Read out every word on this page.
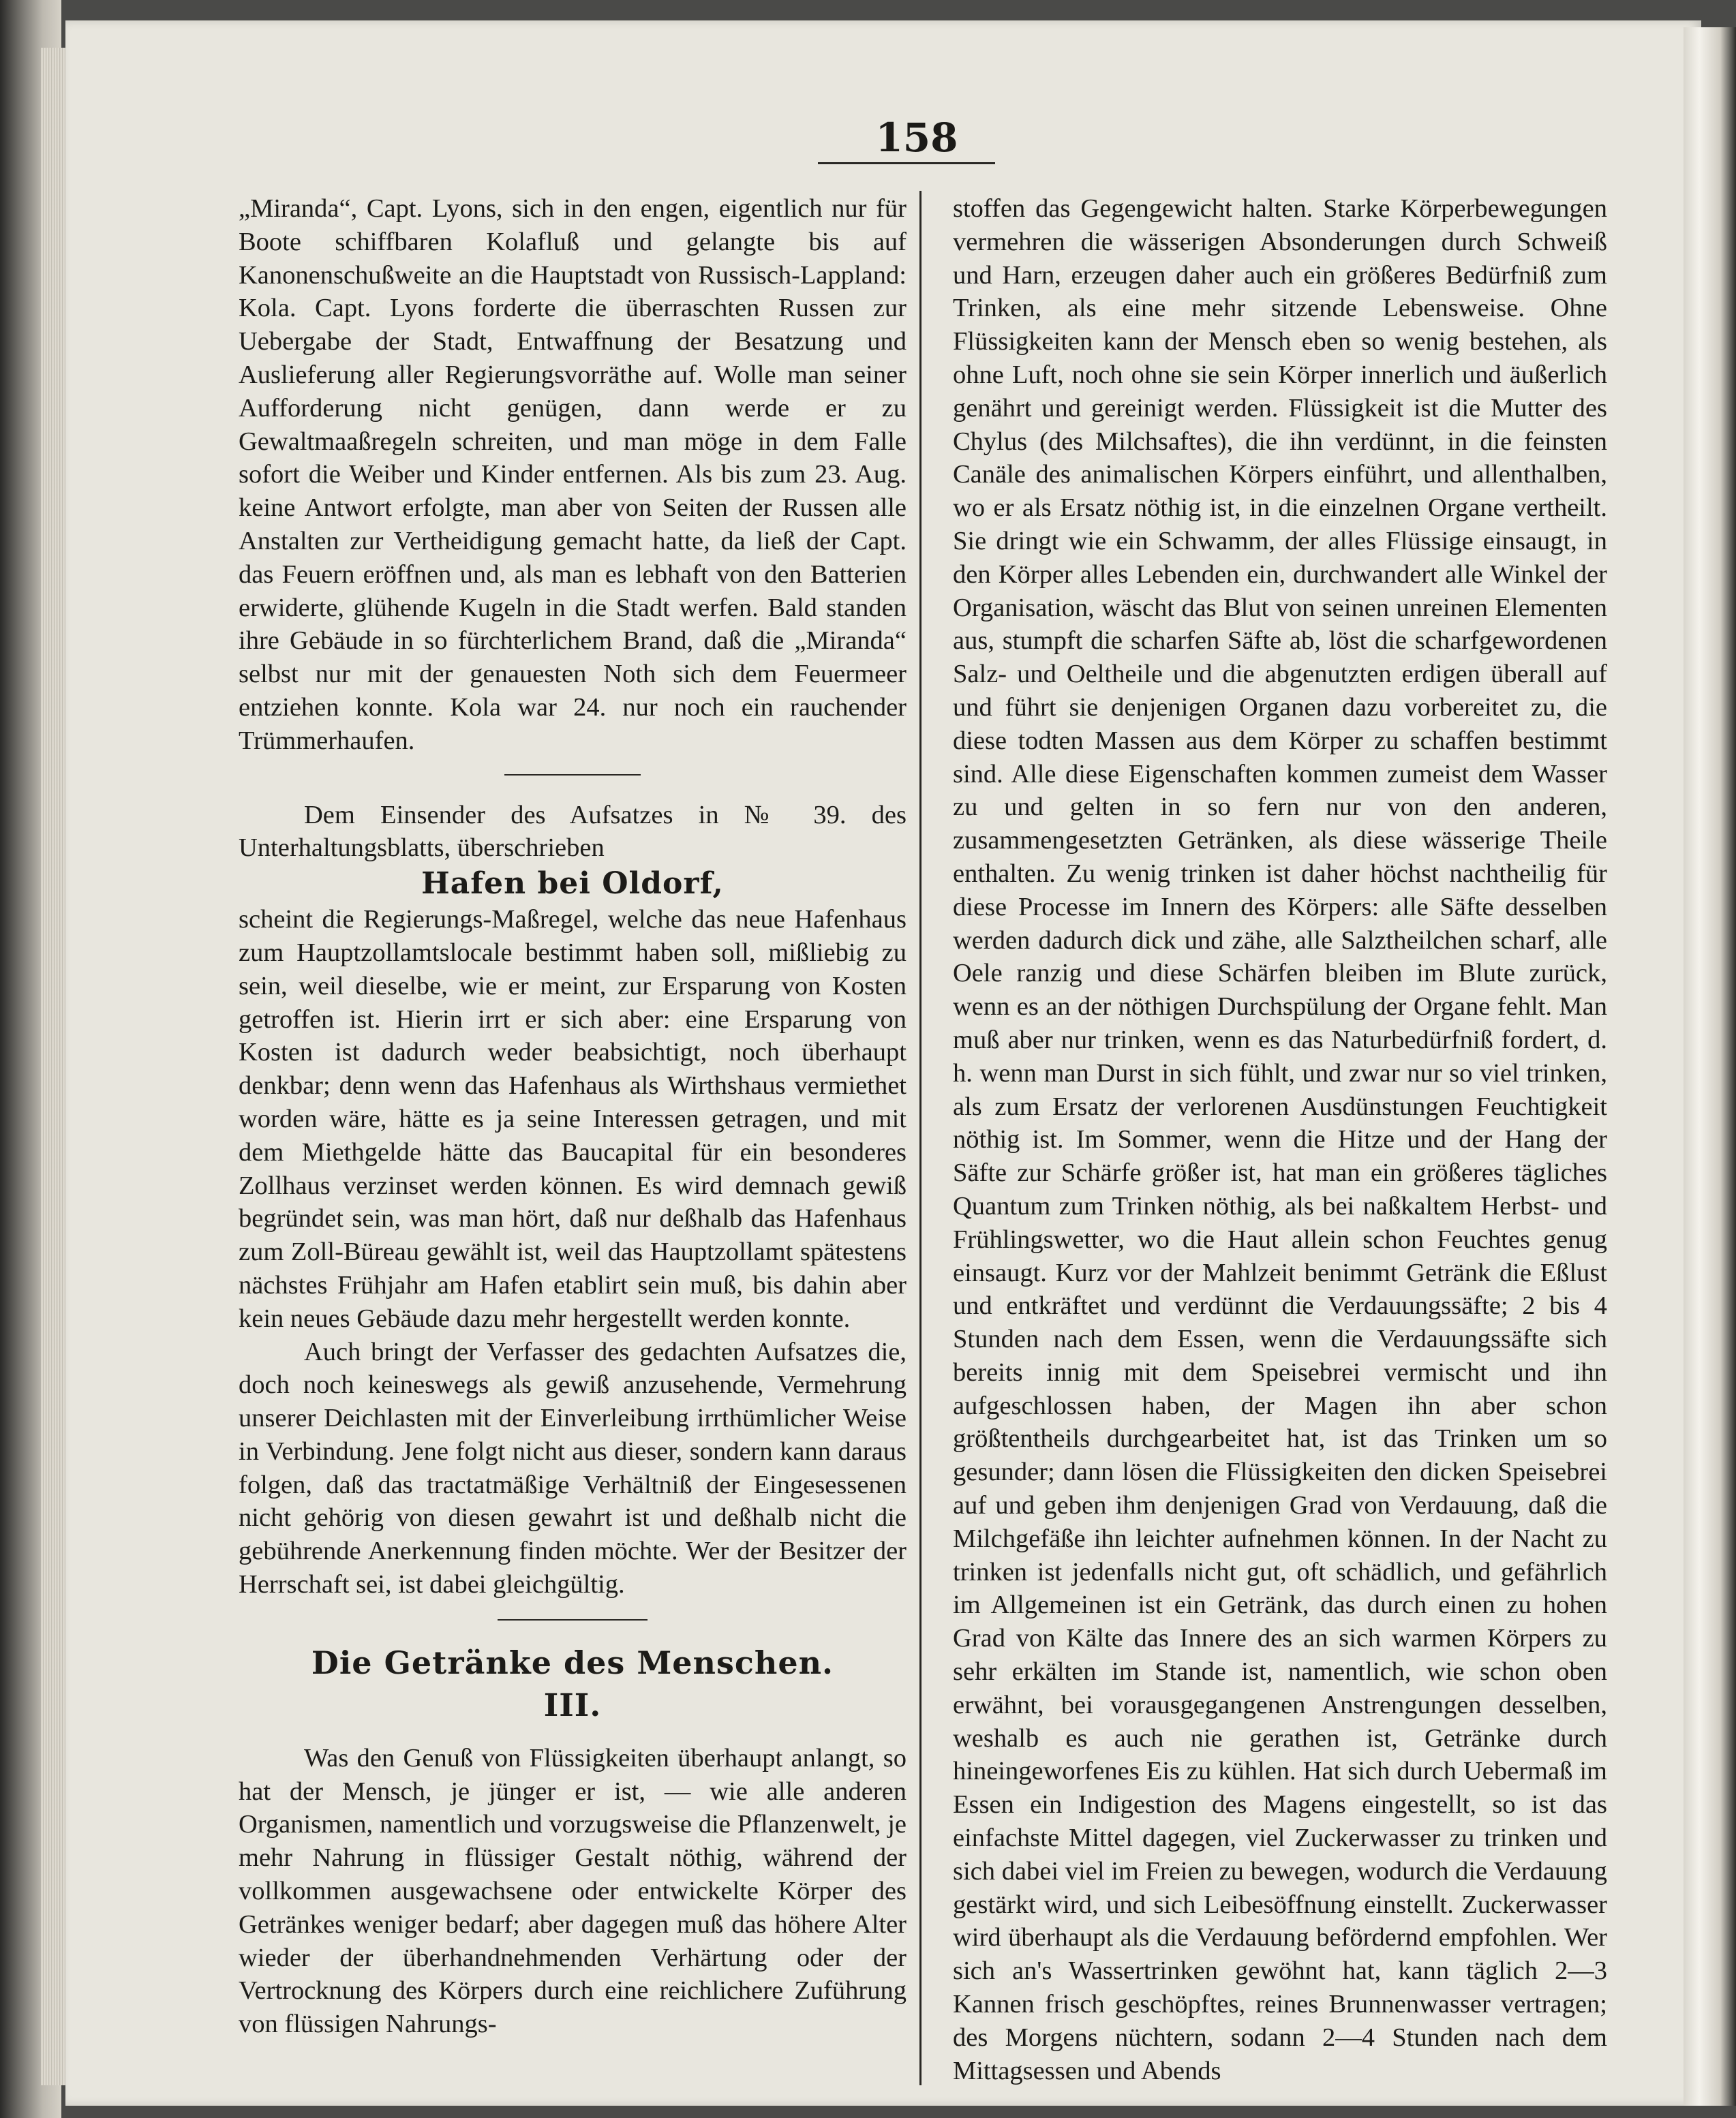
158

„Miranda“, Capt. Lyons, sich in den engen, eigentlich nur für Boote schiffbaren Kolafluß und gelangte bis auf Kanonenschußweite an die Hauptstadt von Russisch-Lappland: Kola. Capt. Lyons forderte die überraschten Russen zur Uebergabe der Stadt, Entwaffnung der Besatzung und Auslieferung aller Regierungsvorräthe auf. Wolle man seiner Aufforderung nicht genügen, dann werde er zu Gewaltmaaßregeln schreiten, und man möge in dem Falle sofort die Weiber und Kinder entfernen. Als bis zum 23. Aug. keine Antwort erfolgte, man aber von Seiten der Russen alle Anstalten zur Vertheidigung gemacht hatte, da ließ der Capt. das Feuern eröffnen und, als man es lebhaft von den Batterien erwiderte, glühende Kugeln in die Stadt werfen. Bald standen ihre Gebäude in so fürchterlichem Brand, daß die „Miranda“ selbst nur mit der genauesten Noth sich dem Feuermeer entziehen konnte. Kola war 24. nur noch ein rauchender Trümmerhaufen.

Dem Einsender des Aufsatzes in № 39. des Unterhaltungsblatts, überschrieben

Hafen bei Oldorf,

scheint die Regierungs-Maßregel, welche das neue Hafenhaus zum Hauptzollamtslocale bestimmt haben soll, mißliebig zu sein, weil dieselbe, wie er meint, zur Ersparung von Kosten getroffen ist. Hierin irrt er sich aber: eine Ersparung von Kosten ist dadurch weder beabsichtigt, noch überhaupt denkbar; denn wenn das Hafenhaus als Wirthshaus vermiethet worden wäre, hätte es ja seine Interessen getragen, und mit dem Miethgelde hätte das Baucapital für ein besonderes Zollhaus verzinset werden können. Es wird demnach gewiß begründet sein, was man hört, daß nur deßhalb das Hafenhaus zum Zoll-Büreau gewählt ist, weil das Hauptzollamt spätestens nächstes Frühjahr am Hafen etablirt sein muß, bis dahin aber kein neues Gebäude dazu mehr hergestellt werden konnte.

Auch bringt der Verfasser des gedachten Aufsatzes die, doch noch keineswegs als gewiß anzusehende, Vermehrung unserer Deichlasten mit der Einverleibung irrthümlicher Weise in Verbindung. Jene folgt nicht aus dieser, sondern kann daraus folgen, daß das tractatmäßige Verhältniß der Eingesessenen nicht gehörig von diesen gewahrt ist und deßhalb nicht die gebührende Anerkennung finden möchte. Wer der Besitzer der Herrschaft sei, ist dabei gleichgültig.

Die Getränke des Menschen.
III.

Was den Genuß von Flüssigkeiten überhaupt anlangt, so hat der Mensch, je jünger er ist, — wie alle anderen Organismen, namentlich und vorzugsweise die Pflanzenwelt, je mehr Nahrung in flüssiger Gestalt nöthig, während der vollkommen ausgewachsene oder entwickelte Körper des Getränkes weniger bedarf; aber dagegen muß das höhere Alter wieder der überhandnehmenden Verhärtung oder der Vertrocknung des Körpers durch eine reichlichere Zuführung von flüssigen Nahrungs-

stoffen das Gegengewicht halten. Starke Körperbewegungen vermehren die wässerigen Absonderungen durch Schweiß und Harn, erzeugen daher auch ein größeres Bedürfniß zum Trinken, als eine mehr sitzende Lebensweise. Ohne Flüssigkeiten kann der Mensch eben so wenig bestehen, als ohne Luft, noch ohne sie sein Körper innerlich und äußerlich genährt und gereinigt werden. Flüssigkeit ist die Mutter des Chylus (des Milchsaftes), die ihn verdünnt, in die feinsten Canäle des animalischen Körpers einführt, und allenthalben, wo er als Ersatz nöthig ist, in die einzelnen Organe vertheilt. Sie dringt wie ein Schwamm, der alles Flüssige einsaugt, in den Körper alles Lebenden ein, durchwandert alle Winkel der Organisation, wäscht das Blut von seinen unreinen Elementen aus, stumpft die scharfen Säfte ab, löst die scharfgewordenen Salz- und Oeltheile und die abgenutzten erdigen überall auf und führt sie denjenigen Organen dazu vorbereitet zu, die diese todten Massen aus dem Körper zu schaffen bestimmt sind. Alle diese Eigenschaften kommen zumeist dem Wasser zu und gelten in so fern nur von den anderen, zusammengesetzten Getränken, als diese wässerige Theile enthalten. Zu wenig trinken ist daher höchst nachtheilig für diese Processe im Innern des Körpers: alle Säfte desselben werden dadurch dick und zähe, alle Salztheilchen scharf, alle Oele ranzig und diese Schärfen bleiben im Blute zurück, wenn es an der nöthigen Durchspülung der Organe fehlt. Man muß aber nur trinken, wenn es das Naturbedürfniß fordert, d. h. wenn man Durst in sich fühlt, und zwar nur so viel trinken, als zum Ersatz der verlorenen Ausdünstungen Feuchtigkeit nöthig ist. Im Sommer, wenn die Hitze und der Hang der Säfte zur Schärfe größer ist, hat man ein größeres tägliches Quantum zum Trinken nöthig, als bei naßkaltem Herbst- und Frühlingswetter, wo die Haut allein schon Feuchtes genug einsaugt. Kurz vor der Mahlzeit benimmt Getränk die Eßlust und entkräftet und verdünnt die Verdauungssäfte; 2 bis 4 Stunden nach dem Essen, wenn die Verdauungssäfte sich bereits innig mit dem Speisebrei vermischt und ihn aufgeschlossen haben, der Magen ihn aber schon größtentheils durchgearbeitet hat, ist das Trinken um so gesunder; dann lösen die Flüssigkeiten den dicken Speisebrei auf und geben ihm denjenigen Grad von Verdauung, daß die Milchgefäße ihn leichter aufnehmen können. In der Nacht zu trinken ist jedenfalls nicht gut, oft schädlich, und gefährlich im Allgemeinen ist ein Getränk, das durch einen zu hohen Grad von Kälte das Innere des an sich warmen Körpers zu sehr erkälten im Stande ist, namentlich, wie schon oben erwähnt, bei vorausgegangenen Anstrengungen desselben, weshalb es auch nie gerathen ist, Getränke durch hineingeworfenes Eis zu kühlen. Hat sich durch Uebermaß im Essen ein Indigestion des Magens eingestellt, so ist das einfachste Mittel dagegen, viel Zuckerwasser zu trinken und sich dabei viel im Freien zu bewegen, wodurch die Verdauung gestärkt wird, und sich Leibesöffnung einstellt. Zuckerwasser wird überhaupt als die Verdauung befördernd empfohlen. Wer sich an's Wassertrinken gewöhnt hat, kann täglich 2—3 Kannen frisch geschöpftes, reines Brunnenwasser vertragen; des Morgens nüchtern, sodann 2—4 Stunden nach dem Mittagsessen und Abends
